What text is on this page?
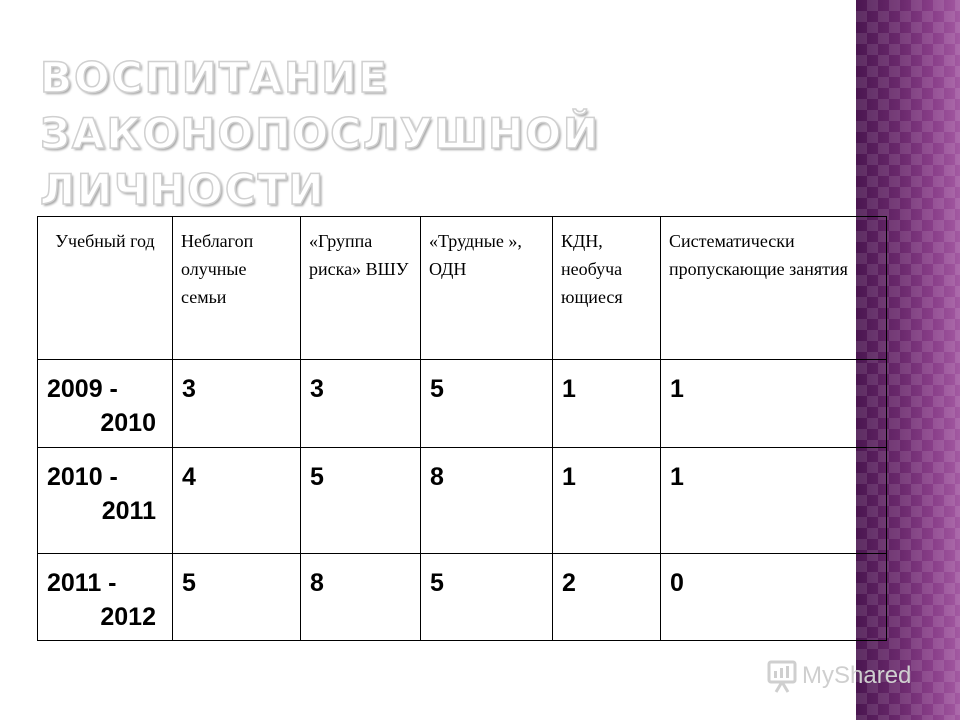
ВОСПИТАНИЕ ЗАКОНОПОСЛУШНОЙ ЛИЧНОСТИ
Учебный год	Неблагоп олучные семьи	«Группа риска» ВШУ	«Трудные », ОДН	КДН, необуча ющиеся	Систематически пропускающие занятия

2009 -
2010	3	3	5	1	1

2010 -
2011	4	5	8	1	1

2011 -
2012	5	8	5	2	0
MyShared
